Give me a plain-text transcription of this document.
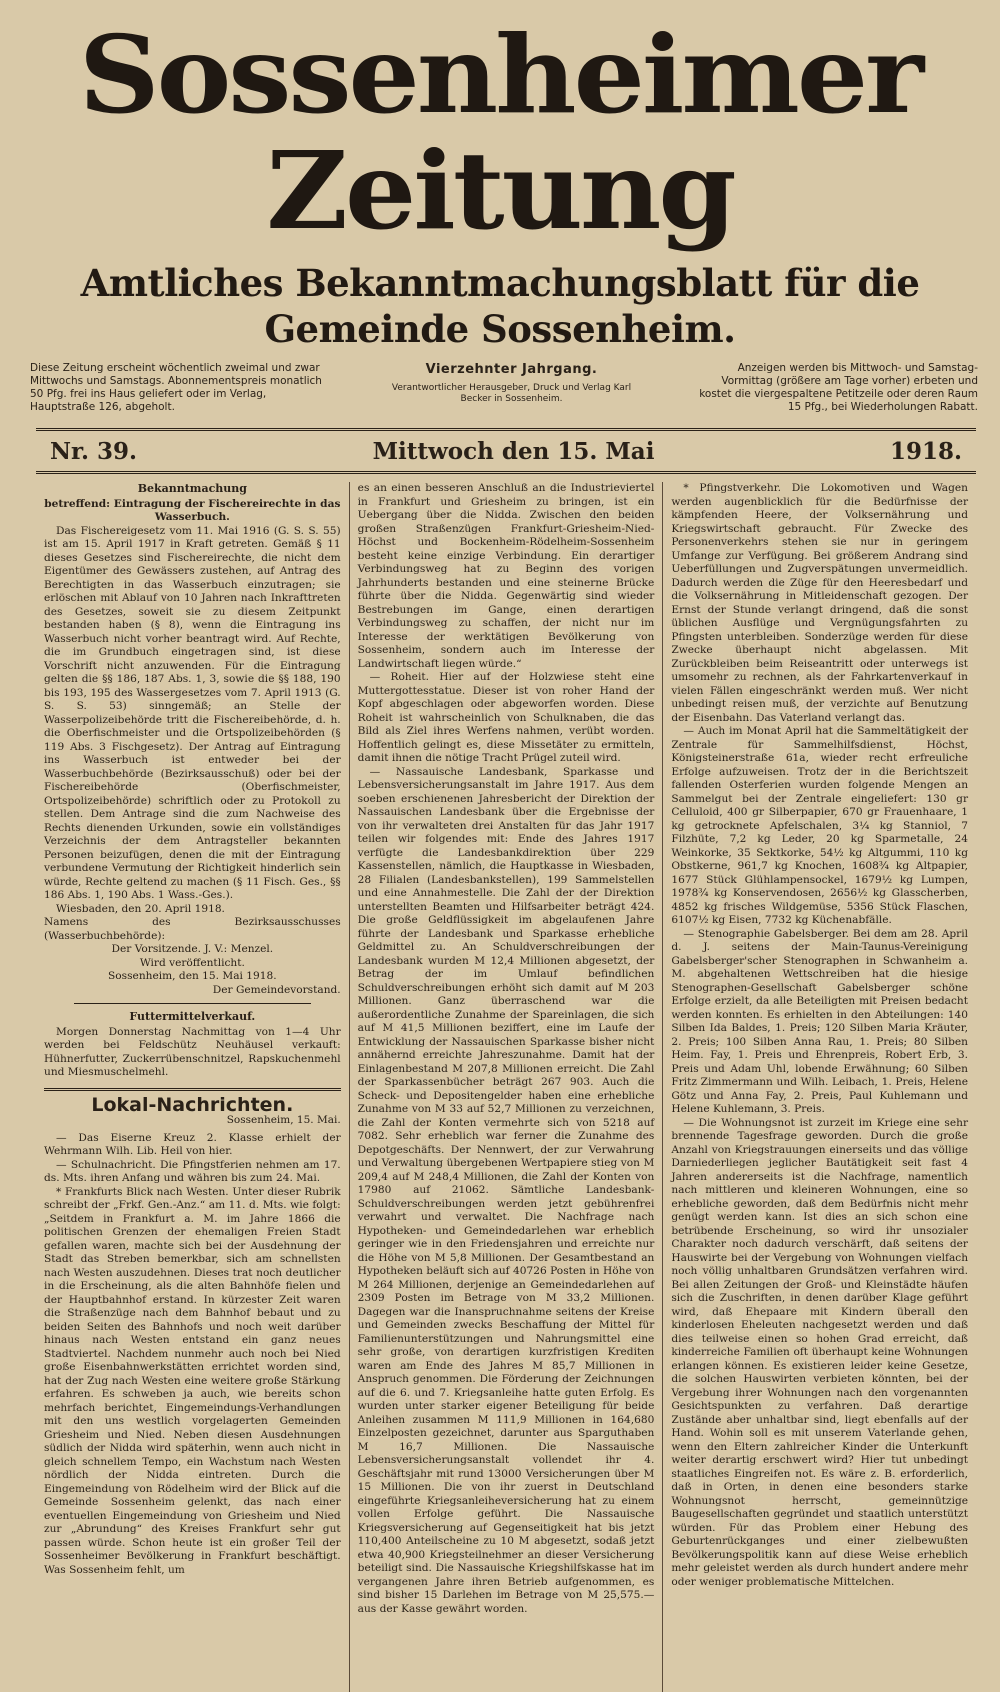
Sossenheimer Zeitung
Amtliches Bekanntmachungsblatt für die Gemeinde Sossenheim.
Diese Zeitung erscheint wöchentlich zweimal und zwar Mittwochs und Samstags. Abonnementspreis monatlich 50 Pfg. frei ins Haus geliefert oder im Verlag, Hauptstraße 126, abgeholt.
Vierzehnter Jahrgang.
Verantwortlicher Herausgeber, Druck und Verlag Karl Becker in Sossenheim.
Anzeigen werden bis Mittwoch- und Samstag-Vormittag (größere am Tage vorher) erbeten und kostet die viergespaltene Petitzeile oder deren Raum 15 Pfg., bei Wiederholungen Rabatt.
Nr. 39.	Mittwoch den 15. Mai	1918.
Bekanntmachung

betreffend: Eintragung der Fischereirechte in das Wasserbuch.

Das Fischereigesetz vom 11. Mai 1916 (G. S. S. 55) ist am 15. April 1917 in Kraft getreten. Gemäß § 11 dieses Gesetzes sind Fischereirechte, die nicht dem Eigentümer des Gewässers zustehen, auf Antrag des Berechtigten in das Wasserbuch einzutragen; sie erlöschen mit Ablauf von 10 Jahren nach Inkrafttreten des Gesetzes, soweit sie zu diesem Zeitpunkt bestanden haben (§ 8), wenn die Eintragung ins Wasserbuch nicht vorher beantragt wird. Auf Rechte, die im Grundbuch eingetragen sind, ist diese Vorschrift nicht anzuwenden. Für die Eintragung gelten die §§ 186, 187 Abs. 1, 3, sowie die §§ 188, 190 bis 193, 195 des Wassergesetzes vom 7. April 1913 (G. S. S. 53) sinngemäß; an Stelle der Wasserpolizeibehörde tritt die Fischereibehörde, d. h. die Oberfischmeister und die Ortspolizeibehörden (§ 119 Abs. 3 Fischgesetz). Der Antrag auf Eintragung ins Wasserbuch ist entweder bei der Wasserbuchbehörde (Bezirksausschuß) oder bei der Fischereibehörde (Oberfischmeister, Ortspolizeibehörde) schriftlich oder zu Protokoll zu stellen. Dem Antrage sind die zum Nachweise des Rechts dienenden Urkunden, sowie ein vollständiges Verzeichnis der dem Antragsteller bekannten Personen beizufügen, denen die mit der Eintragung verbundene Vermutung der Richtigkeit hinderlich sein würde, Rechte geltend zu machen (§ 11 Fisch. Ges., §§ 186 Abs. 1, 190 Abs. 1 Wass.-Ges.).

Wiesbaden, den 20. April 1918.

Namens des Bezirksausschusses (Wasserbuchbehörde):

Der Vorsitzende. J. V.: Menzel.

Wird veröffentlicht.

Sossenheim, den 15. Mai 1918.

Der Gemeindevorstand.

Futtermittelverkauf.

Morgen Donnerstag Nachmittag von 1—4 Uhr werden bei Feldschütz Neuhäusel verkauft: Hühnerfutter, Zuckerrübenschnitzel, Rapskuchenmehl und Miesmuschelmehl.

Lokal-Nachrichten.
Sossenheim, 15. Mai.

— Das Eiserne Kreuz 2. Klasse erhielt der Wehrmann Wilh. Lib. Heil von hier.

— Schulnachricht. Die Pfingstferien nehmen am 17. ds. Mts. ihren Anfang und währen bis zum 24. Mai.

* Frankfurts Blick nach Westen. Unter dieser Rubrik schreibt der „Frkf. Gen.-Anz.“ am 11. d. Mts. wie folgt: „Seitdem in Frankfurt a. M. im Jahre 1866 die politischen Grenzen der ehemaligen Freien Stadt gefallen waren, machte sich bei der Ausdehnung der Stadt das Streben bemerkbar, sich am schnellsten nach Westen auszudehnen. Dieses trat noch deutlicher in die Erscheinung, als die alten Bahnhöfe fielen und der Hauptbahnhof erstand. In kürzester Zeit waren die Straßenzüge nach dem Bahnhof bebaut und zu beiden Seiten des Bahnhofs und noch weit darüber hinaus nach Westen entstand ein ganz neues Stadtviertel. Nachdem nunmehr auch noch bei Nied große Eisenbahnwerkstätten errichtet worden sind, hat der Zug nach Westen eine weitere große Stärkung erfahren. Es schweben ja auch, wie bereits schon mehrfach berichtet, Eingemeindungs-Verhandlungen mit den uns westlich vorgelagerten Gemeinden Griesheim und Nied. Neben diesen Ausdehnungen südlich der Nidda wird späterhin, wenn auch nicht in gleich schnellem Tempo, ein Wachstum nach Westen nördlich der Nidda eintreten. Durch die Eingemeindung von Rödelheim wird der Blick auf die Gemeinde Sossenheim gelenkt, das nach einer eventuellen Eingemeindung von Griesheim und Nied zur „Abrundung“ des Kreises Frankfurt sehr gut passen würde. Schon heute ist ein großer Teil der Sossenheimer Bevölkerung in Frankfurt beschäftigt. Was Sossenheim fehlt, um

es an einen besseren Anschluß an die Industrieviertel in Frankfurt und Griesheim zu bringen, ist ein Uebergang über die Nidda. Zwischen den beiden großen Straßenzügen Frankfurt-Griesheim-Nied-Höchst und Bockenheim-Rödelheim-Sossenheim besteht keine einzige Verbindung. Ein derartiger Verbindungsweg hat zu Beginn des vorigen Jahrhunderts bestanden und eine steinerne Brücke führte über die Nidda. Gegenwärtig sind wieder Bestrebungen im Gange, einen derartigen Verbindungsweg zu schaffen, der nicht nur im Interesse der werktätigen Bevölkerung von Sossenheim, sondern auch im Interesse der Landwirtschaft liegen würde.“

— Roheit. Hier auf der Holzwiese steht eine Muttergottesstatue. Dieser ist von roher Hand der Kopf abgeschlagen oder abgeworfen worden. Diese Roheit ist wahrscheinlich von Schulknaben, die das Bild als Ziel ihres Werfens nahmen, verübt worden. Hoffentlich gelingt es, diese Missetäter zu ermitteln, damit ihnen die nötige Tracht Prügel zuteil wird.

— Nassauische Landesbank, Sparkasse und Lebensversicherungsanstalt im Jahre 1917. Aus dem soeben erschienenen Jahresbericht der Direktion der Nassauischen Landesbank über die Ergebnisse der von ihr verwalteten drei Anstalten für das Jahr 1917 teilen wir folgendes mit: Ende des Jahres 1917 verfügte die Landesbankdirektion über 229 Kassenstellen, nämlich, die Hauptkasse in Wiesbaden, 28 Filialen (Landesbankstellen), 199 Sammelstellen und eine Annahmestelle. Die Zahl der der Direktion unterstellten Beamten und Hilfsarbeiter beträgt 424. Die große Geldflüssigkeit im abgelaufenen Jahre führte der Landesbank und Sparkasse erhebliche Geldmittel zu. An Schuldverschreibungen der Landesbank wurden M 12,4 Millionen abgesetzt, der Betrag der im Umlauf befindlichen Schuldverschreibungen erhöht sich damit auf M 203 Millionen. Ganz überraschend war die außerordentliche Zunahme der Spareinlagen, die sich auf M 41,5 Millionen beziffert, eine im Laufe der Entwicklung der Nassauischen Sparkasse bisher nicht annähernd erreichte Jahreszunahme. Damit hat der Einlagenbestand M 207,8 Millionen erreicht. Die Zahl der Sparkassenbücher beträgt 267 903. Auch die Scheck- und Depositengelder haben eine erhebliche Zunahme von M 33 auf 52,7 Millionen zu verzeichnen, die Zahl der Konten vermehrte sich von 5218 auf 7082. Sehr erheblich war ferner die Zunahme des Depotgeschäfts. Der Nennwert, der zur Verwahrung und Verwaltung übergebenen Wertpapiere stieg von M 209,4 auf M 248,4 Millionen, die Zahl der Konten von 17980 auf 21062. Sämtliche Landesbank-Schuldverschreibungen werden jetzt gebührenfrei verwahrt und verwaltet. Die Nachfrage nach Hypotheken- und Gemeindedarlehen war erheblich geringer wie in den Friedensjahren und erreichte nur die Höhe von M 5,8 Millionen. Der Gesamtbestand an Hypotheken beläuft sich auf 40726 Posten in Höhe von M 264 Millionen, derjenige an Gemeindedarlehen auf 2309 Posten im Betrage von M 33,2 Millionen. Dagegen war die Inanspruchnahme seitens der Kreise und Gemeinden zwecks Beschaffung der Mittel für Familienunterstützungen und Nahrungsmittel eine sehr große, von derartigen kurzfristigen Krediten waren am Ende des Jahres M 85,7 Millionen in Anspruch genommen. Die Förderung der Zeichnungen auf die 6. und 7. Kriegsanleihe hatte guten Erfolg. Es wurden unter starker eigener Beteiligung für beide Anleihen zusammen M 111,9 Millionen in 164,680 Einzelposten gezeichnet, darunter aus Sparguthaben M 16,7 Millionen. Die Nassauische Lebensversicherungsanstalt vollendet ihr 4. Geschäftsjahr mit rund 13000 Versicherungen über M 15 Millionen. Die von ihr zuerst in Deutschland eingeführte Kriegsanleiheversicherung hat zu einem vollen Erfolge geführt. Die Nassauische Kriegsversicherung auf Gegenseitigkeit hat bis jetzt 110,400 Anteilscheine zu 10 M abgesetzt, sodaß jetzt etwa 40,900 Kriegsteilnehmer an dieser Versicherung beteiligt sind. Die Nassauische Kriegshilfskasse hat im vergangenen Jahre ihren Betrieb aufgenommen, es sind bisher 15 Darlehen im Betrage von M 25,575.— aus der Kasse gewährt worden.

* Pfingstverkehr. Die Lokomotiven und Wagen werden augenblicklich für die Bedürfnisse der kämpfenden Heere, der Volksernährung und Kriegswirtschaft gebraucht. Für Zwecke des Personenverkehrs stehen sie nur in geringem Umfange zur Verfügung. Bei größerem Andrang sind Ueberfüllungen und Zugverspätungen unvermeidlich. Dadurch werden die Züge für den Heeresbedarf und die Volksernährung in Mitleidenschaft gezogen. Der Ernst der Stunde verlangt dringend, daß die sonst üblichen Ausflüge und Vergnügungsfahrten zu Pfingsten unterbleiben. Sonderzüge werden für diese Zwecke überhaupt nicht abgelassen. Mit Zurückbleiben beim Reiseantritt oder unterwegs ist umsomehr zu rechnen, als der Fahrkartenverkauf in vielen Fällen eingeschränkt werden muß. Wer nicht unbedingt reisen muß, der verzichte auf Benutzung der Eisenbahn. Das Vaterland verlangt das.

— Auch im Monat April hat die Sammeltätigkeit der Zentrale für Sammelhilfsdienst, Höchst, Königsteinerstraße 61a, wieder recht erfreuliche Erfolge aufzuweisen. Trotz der in die Berichtszeit fallenden Osterferien wurden folgende Mengen an Sammelgut bei der Zentrale eingeliefert: 130 gr Celluloid, 400 gr Silberpapier, 670 gr Frauenhaare, 1 kg getrocknete Apfelschalen, 3¼ kg Stanniol, 7 Filzhüte, 7,2 kg Leder, 20 kg Sparmetalle, 24 Weinkorke, 35 Sektkorke, 54½ kg Altgummi, 110 kg Obstkerne, 961,7 kg Knochen, 1608¾ kg Altpapier, 1677 Stück Glühlampensockel, 1679½ kg Lumpen, 1978¾ kg Konservendosen, 2656½ kg Glasscherben, 4852 kg frisches Wildgemüse, 5356 Stück Flaschen, 6107½ kg Eisen, 7732 kg Küchenabfälle.

— Stenographie Gabelsberger. Bei dem am 28. April d. J. seitens der Main-Taunus-Vereinigung Gabelsberger'scher Stenographen in Schwanheim a. M. abgehaltenen Wettschreiben hat die hiesige Stenographen-Gesellschaft Gabelsberger schöne Erfolge erzielt, da alle Beteiligten mit Preisen bedacht werden konnten. Es erhielten in den Abteilungen: 140 Silben Ida Baldes, 1. Preis; 120 Silben Maria Kräuter, 2. Preis; 100 Silben Anna Rau, 1. Preis; 80 Silben Heim. Fay, 1. Preis und Ehrenpreis, Robert Erb, 3. Preis und Adam Uhl, lobende Erwähnung; 60 Silben Fritz Zimmermann und Wilh. Leibach, 1. Preis, Helene Götz und Anna Fay, 2. Preis, Paul Kuhlemann und Helene Kuhlemann, 3. Preis.

— Die Wohnungsnot ist zurzeit im Kriege eine sehr brennende Tagesfrage geworden. Durch die große Anzahl von Kriegstrauungen einerseits und das völlige Darniederliegen jeglicher Bautätigkeit seit fast 4 Jahren andererseits ist die Nachfrage, namentlich nach mittleren und kleineren Wohnungen, eine so erhebliche geworden, daß dem Bedürfnis nicht mehr genügt werden kann. Ist dies an sich schon eine betrübende Erscheinung, so wird ihr unsozialer Charakter noch dadurch verschärft, daß seitens der Hauswirte bei der Vergebung von Wohnungen vielfach noch völlig unhaltbaren Grundsätzen verfahren wird. Bei allen Zeitungen der Groß- und Kleinstädte häufen sich die Zuschriften, in denen darüber Klage geführt wird, daß Ehepaare mit Kindern überall den kinderlosen Eheleuten nachgesetzt werden und daß dies teilweise einen so hohen Grad erreicht, daß kinderreiche Familien oft überhaupt keine Wohnungen erlangen können. Es existieren leider keine Gesetze, die solchen Hauswirten verbieten könnten, bei der Vergebung ihrer Wohnungen nach den vorgenannten Gesichtspunkten zu verfahren. Daß derartige Zustände aber unhaltbar sind, liegt ebenfalls auf der Hand. Wohin soll es mit unserem Vaterlande gehen, wenn den Eltern zahlreicher Kinder die Unterkunft weiter derartig erschwert wird? Hier tut unbedingt staatliches Eingreifen not. Es wäre z. B. erforderlich, daß in Orten, in denen eine besonders starke Wohnungsnot herrscht, gemeinnützige Baugesellschaften gegründet und staatlich unterstützt würden. Für das Problem einer Hebung des Geburtenrückganges und einer zielbewußten Bevölkerungspolitik kann auf diese Weise erheblich mehr geleistet werden als durch hundert andere mehr oder weniger problematische Mittelchen.
